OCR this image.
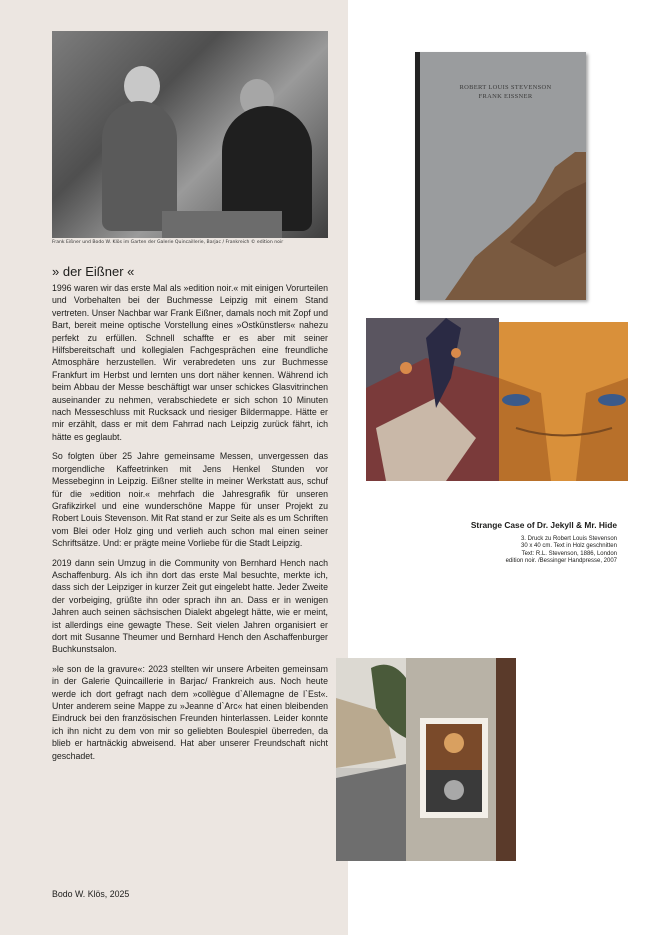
Frank Eißner und Bodo W. Klös im Garten der Galerie Quincaillerie, Barjac / Frankreich © edition noir
» der Eißner «

1996 waren wir das erste Mal als »edition noir.« mit einigen Vorurteilen und Vorbehalten bei der Buchmesse Leipzig mit einem Stand vertreten. Unser Nachbar war Frank Eißner, damals noch mit Zopf und Bart, bereit meine optische Vorstellung eines »Ostkünstlers« nahezu perfekt zu erfüllen. Schnell schaffte er es aber mit seiner Hilfsbereitschaft und kollegialen Fachgesprächen eine freundliche Atmosphäre herzustellen. Wir verabredeten uns zur Buchmesse Frankfurt im Herbst und lernten uns dort näher kennen. Während ich beim Abbau der Messe beschäftigt war unser schickes Glasvitrinchen auseinander zu nehmen, verabschiedete er sich schon 10 Minuten nach Messeschluss mit Rucksack und riesiger Bildermappe. Hätte er mir erzählt, dass er mit dem Fahrrad nach Leipzig zurück fährt, ich hätte es geglaubt.

So folgten über 25 Jahre gemeinsame Messen, unvergessen das morgendliche Kaffeetrinken mit Jens Henkel Stunden vor Messebeginn in Leipzig. Eißner stellte in meiner Werkstatt aus, schuf für die »edition noir.« mehrfach die Jahresgrafik für unseren Grafikzirkel und eine wunderschöne Mappe für unser Projekt zu Robert Louis Stevenson. Mit Rat stand er zur Seite als es um Schriften vom Blei oder Holz ging und verlieh auch schon mal einen seiner Schriftsätze. Und: er prägte meine Vorliebe für die Stadt Leipzig.

2019 dann sein Umzug in die Community von Bernhard Hench nach Aschaffenburg. Als ich ihn dort das erste Mal besuchte, merkte ich, dass sich der Leipziger in kurzer Zeit gut eingelebt hatte. Jeder Zweite der vorbeiging, grüßte ihn oder sprach ihn an. Dass er in wenigen Jahren auch seinen sächsischen Dialekt abgelegt hätte, wie er meint, ist allerdings eine gewagte These. Seit vielen Jahren organisiert er dort mit Susanne Theumer und Bernhard Hench den Aschaffenburger Buchkunstsalon.

»le son de la gravure«: 2023 stellten wir unsere Arbeiten gemeinsam in der Galerie Quincaillerie in Barjac/ Frankreich aus. Noch heute werde ich dort gefragt nach dem »collègue d`Allemagne de l`Est«. Unter anderem seine Mappe zu »Jeanne d`Arc« hat einen bleibenden Eindruck bei den französischen Freunden hinterlassen. Leider konnte ich ihn nicht zu dem von mir so geliebten Boulespiel überreden, da blieb er hartnäckig abweisend. Hat aber unserer Freundschaft nicht geschadet.

Bodo W. Klös, 2025
ROBERT LOUIS STEVENSON
FRANK EISSNER
Strange Case of Dr. Jekyll & Mr. Hide
3. Druck zu Robert Louis Stevenson
30 x 40 cm. Text in Holz geschnitten
Text: R.L. Stevenson, 1886, London
edition noir. /Bessinger Handpresse, 2007
